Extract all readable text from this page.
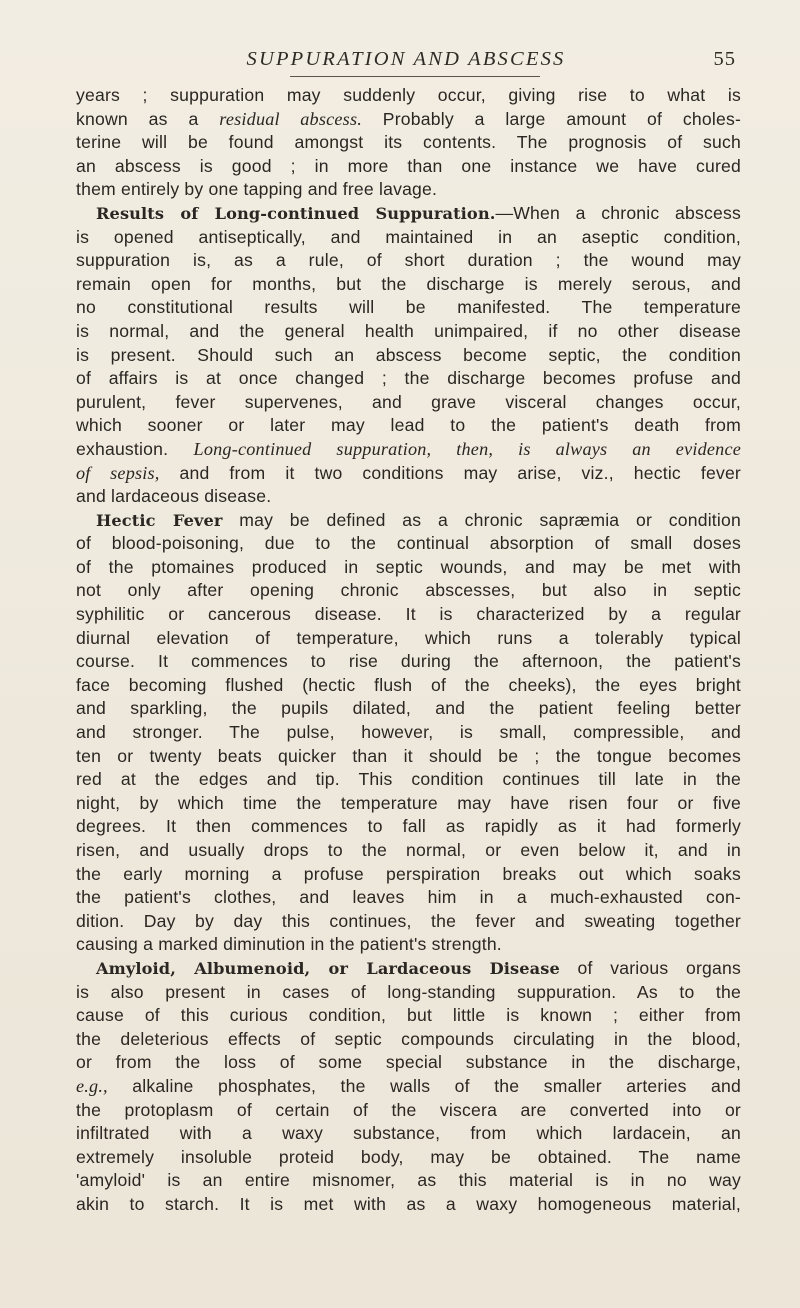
SUPPURATION AND ABSCESS	55
years ; suppuration may suddenly occur, giving rise to what is
known as a residual abscess. Probably a large amount of choles-
terine will be found amongst its contents. The prognosis of such
an abscess is good ; in more than one instance we have cured
them entirely by one tapping and free lavage.
Results of Long-continued Suppuration.—When a chronic abscess
is opened antiseptically, and maintained in an aseptic condition,
suppuration is, as a rule, of short duration ; the wound may
remain open for months, but the discharge is merely serous, and
no constitutional results will be manifested. The temperature
is normal, and the general health unimpaired, if no other disease
is present. Should such an abscess become septic, the condition
of affairs is at once changed ; the discharge becomes profuse and
purulent, fever supervenes, and grave visceral changes occur,
which sooner or later may lead to the patient's death from
exhaustion. Long-continued suppuration, then, is always an evidence
of sepsis, and from it two conditions may arise, viz., hectic fever
and lardaceous disease.
Hectic Fever may be defined as a chronic sapræmia or condition
of blood-poisoning, due to the continual absorption of small doses
of the ptomaines produced in septic wounds, and may be met with
not only after opening chronic abscesses, but also in septic
syphilitic or cancerous disease. It is characterized by a regular
diurnal elevation of temperature, which runs a tolerably typical
course. It commences to rise during the afternoon, the patient's
face becoming flushed (hectic flush of the cheeks), the eyes bright
and sparkling, the pupils dilated, and the patient feeling better
and stronger. The pulse, however, is small, compressible, and
ten or twenty beats quicker than it should be ; the tongue becomes
red at the edges and tip. This condition continues till late in the
night, by which time the temperature may have risen four or five
degrees. It then commences to fall as rapidly as it had formerly
risen, and usually drops to the normal, or even below it, and in
the early morning a profuse perspiration breaks out which soaks
the patient's clothes, and leaves him in a much-exhausted con-
dition. Day by day this continues, the fever and sweating together
causing a marked diminution in the patient's strength.
Amyloid, Albumenoid, or Lardaceous Disease of various organs
is also present in cases of long-standing suppuration. As to the
cause of this curious condition, but little is known ; either from
the deleterious effects of septic compounds circulating in the blood,
or from the loss of some special substance in the discharge,
e.g., alkaline phosphates, the walls of the smaller arteries and
the protoplasm of certain of the viscera are converted into or
infiltrated with a waxy substance, from which lardacein, an
extremely insoluble proteid body, may be obtained. The name
'amyloid' is an entire misnomer, as this material is in no way
akin to starch. It is met with as a waxy homogeneous material,
